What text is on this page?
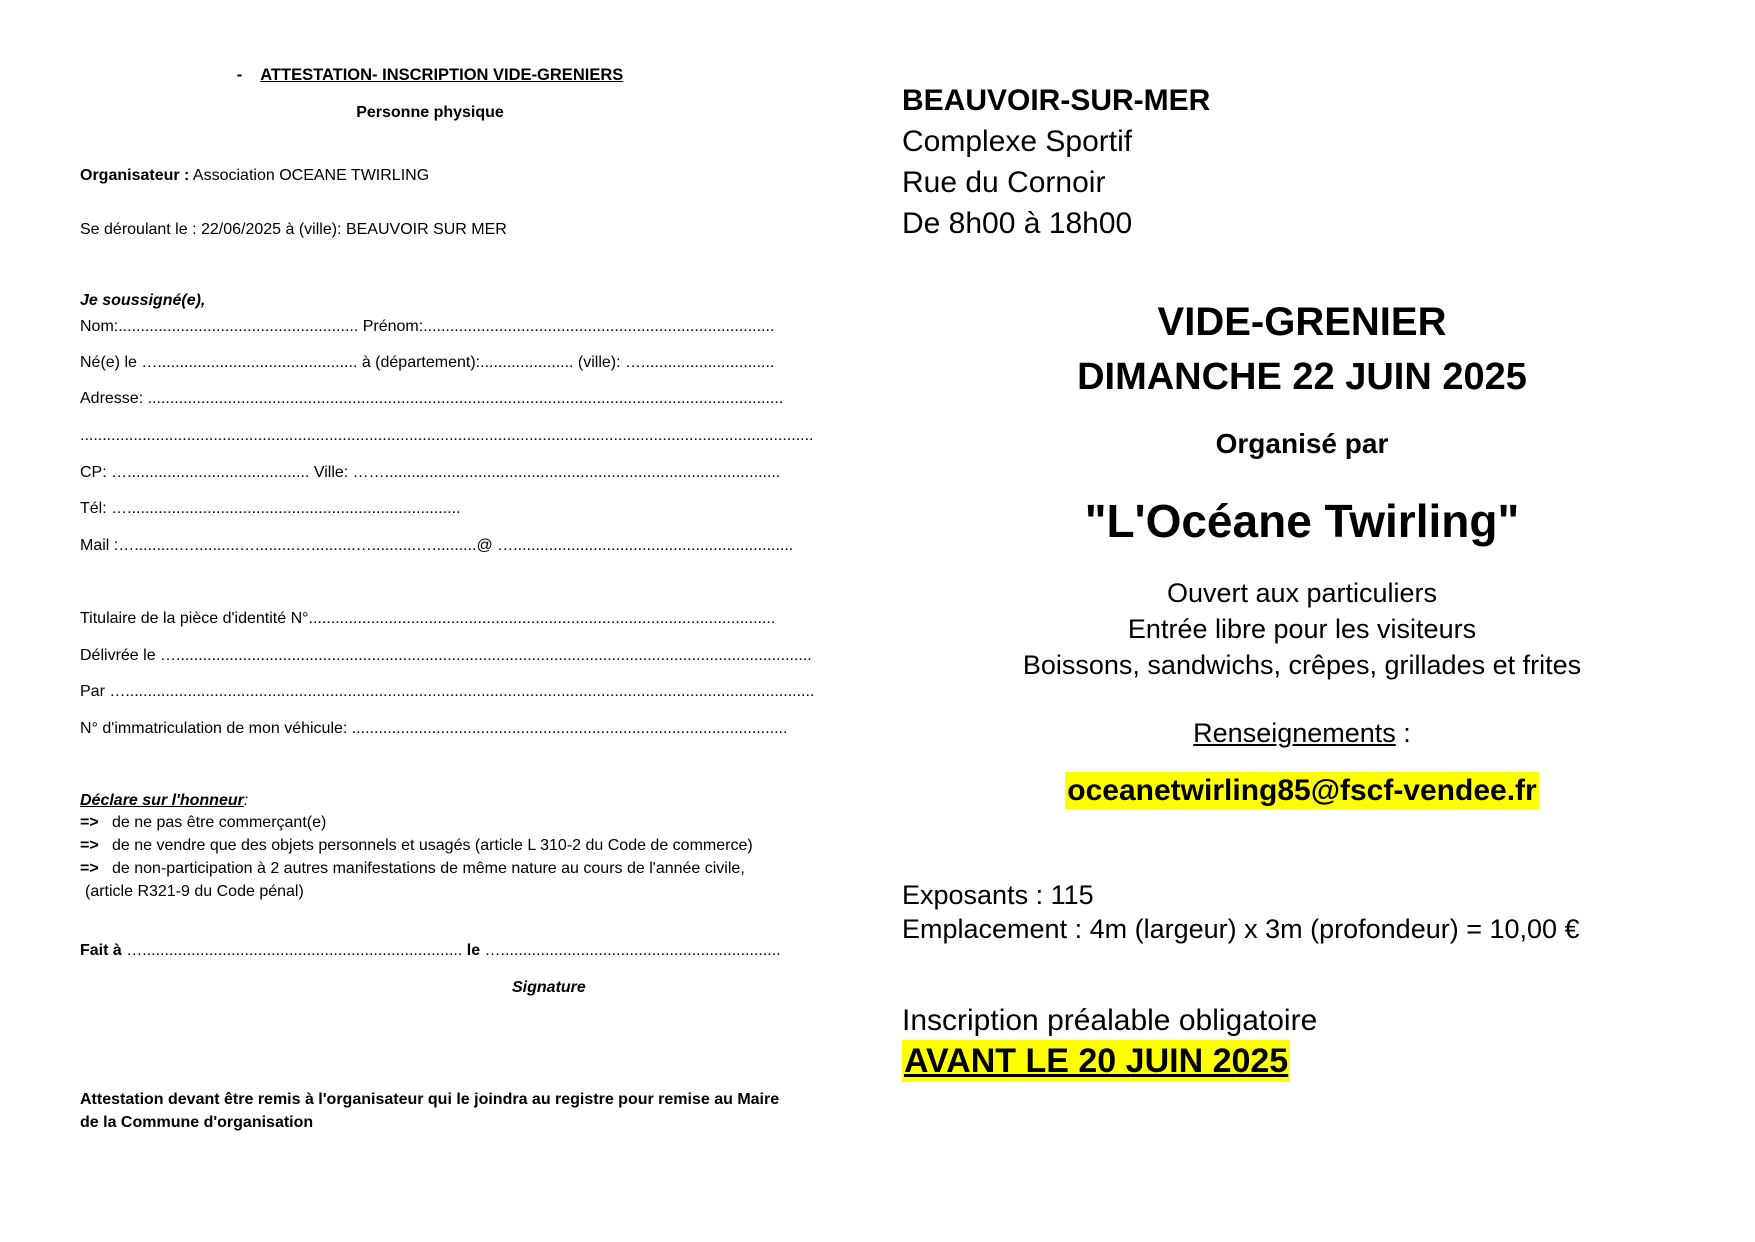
- ATTESTATION- INSCRIPTION VIDE-GRENIERS
Personne physique
Organisateur : Association OCEANE TWIRLING
Se déroulant le : 22/06/2025 à (ville): BEAUVOIR SUR MER
Je soussigné(e),
Nom:...................................................... Prénom:...............................................................................
Né(e) le …............................................. à (département):..................... (ville): …..............................
Adresse: ...............................................................................................................................................
.....................................................................................................................................................................
CP: …......................................... Ville: …….........................................................................................
Tél: …...........................................................................
Mail :…..........…..........….........…..........…..........…..........@ …...............................................................
Titulaire de la pièce d'identité N°.........................................................................................................
Délivrée le …...............................................................................................................................................
Par …...........................................................................................................................................................
N° d'immatriculation de mon véhicule: ..................................................................................................
Déclare sur l'honneur:
=> de ne pas être commerçant(e)
=> de ne vendre que des objets personnels et usagés (article L 310-2 du Code de commerce)
=> de non-participation à 2 autres manifestations de même nature au cours de l'année civile,
(article R321-9 du Code pénal)
Fait à …........................................................................ le …...............................................................
Signature
Attestation devant être remis à l'organisateur qui le joindra au registre pour remise au Maire
de la Commune d'organisation
BEAUVOIR-SUR-MER
Complexe Sportif
Rue du Cornoir
De 8h00 à 18h00
VIDE-GRENIER
DIMANCHE 22 JUIN 2025
Organisé par
"L'Océane Twirling"
Ouvert aux particuliers
Entrée libre pour les visiteurs
Boissons, sandwichs, crêpes, grillades et frites
Renseignements :
oceanetwirling85@fscf-vendee.fr
Exposants : 115
Emplacement : 4m (largeur) x 3m (profondeur) = 10,00 €
Inscription préalable obligatoire
AVANT LE 20 JUIN 2025
